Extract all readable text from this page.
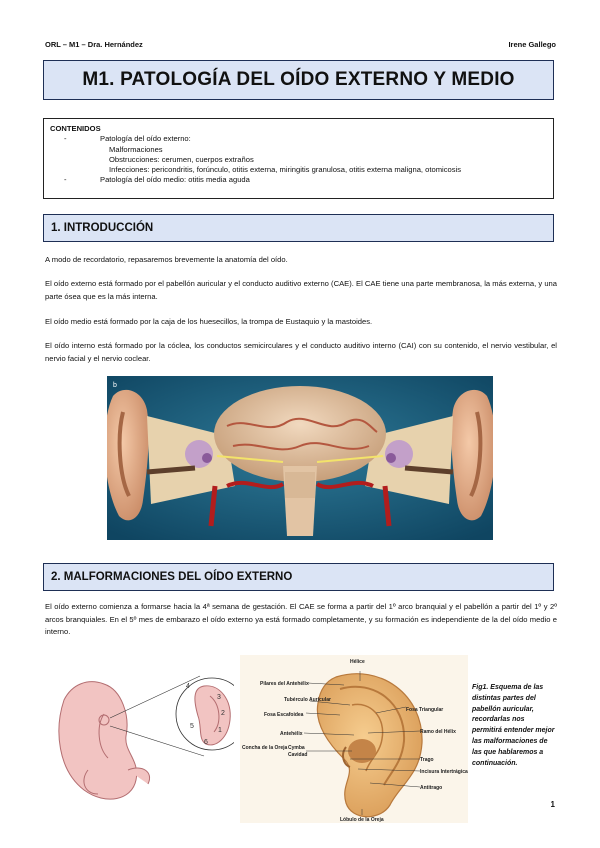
ORL – M1 – Dra. Hernández	Irene Gallego
M1. PATOLOGÍA DEL OÍDO EXTERNO Y MEDIO
CONTENIDOS
-	Patología del oído externo:
Malformaciones
Obstrucciones: cerumen, cuerpos extraños
Infecciones: pericondritis, forúnculo, otitis externa, miringitis granulosa, otitis externa maligna, otomicosis
-	Patología del oído medio: otitis media aguda
1. INTRODUCCIÓN
A modo de recordatorio, repasaremos brevemente la anatomía del oído.
El oído externo está formado por el pabellón auricular y el conducto auditivo externo (CAE). El CAE tiene una parte membranosa, la más externa, y una parte ósea que es la más interna.
El oído medio está formado por la caja de los huesecillos, la trompa de Eustaquio y la mastoides.
El oído interno está formado por la cóclea, los conductos semicirculares y el conducto auditivo interno (CAI) con su contenido, el nervio vestibular, el nervio facial y el nervio coclear.
b
2. MALFORMACIONES DEL OÍDO EXTERNO
El oído externo comienza a formarse hacia la 4ª semana de gestación. El CAE se forma a partir del 1º arco branquial y el pabellón a partir del 1º y 2º arcos branquiales. En el 5º mes de embarazo el oído externo ya está formado completamente, y su formación es independiente de la del oído medio e interno.
4
3
2
1
5
6
Hélice
Pilares del Antehélix
Tubérculo Auricular
Fosa Escafoidea
Antehélix
Concha de la Oreja Cymba
Cavidad
Lóbulo de la Oreja
Fosa Triangular
Ramo del Hélix
Trago
Incisura Intertrágica
Antitrago
Fig1. Esquema de las distintas partes del pabellón auricular, recordarlas nos permitirá entender mejor las malformaciones de las que hablaremos a continuación.
1
